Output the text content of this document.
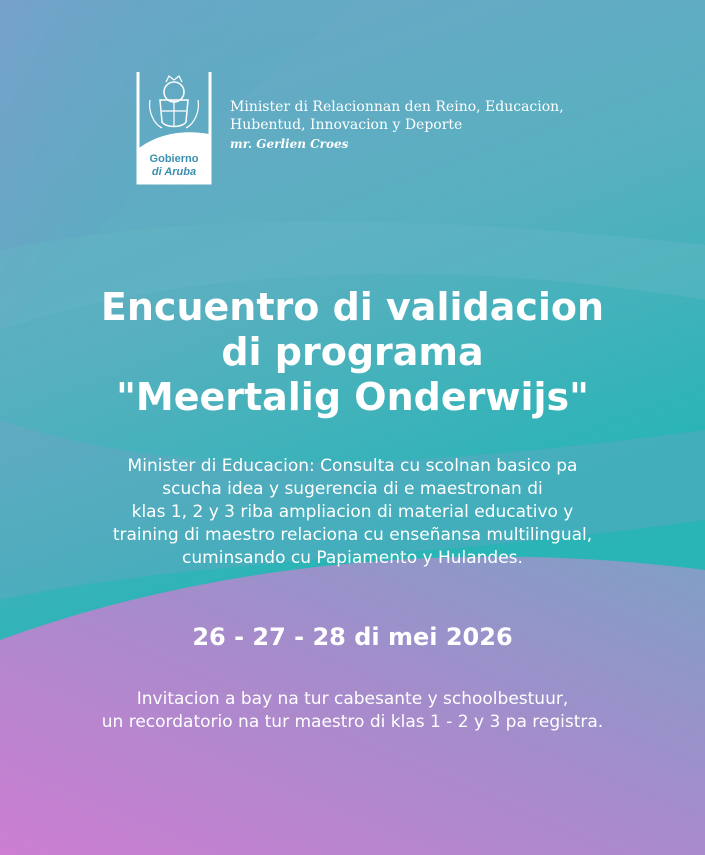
Gobierno
di Aruba
Minister di Relacionnan den Reino, Educacion,
Hubentud, Innovacion y Deporte
mr. Gerlien Croes
Encuentro di validacion
di programa
"Meertalig Onderwijs"
Minister di Educacion: Consulta cu scolnan basico pa
scucha idea y sugerencia di e maestronan di
klas 1, 2 y 3 riba ampliacion di material educativo y
training di maestro relaciona cu enseñansa multilingual,
cuminsando cu Papiamento y Hulandes.
26 - 27 - 28 di mei 2026
Invitacion a bay na tur cabesante y schoolbestuur,
un recordatorio na tur maestro di klas 1 - 2 y 3 pa registra.
